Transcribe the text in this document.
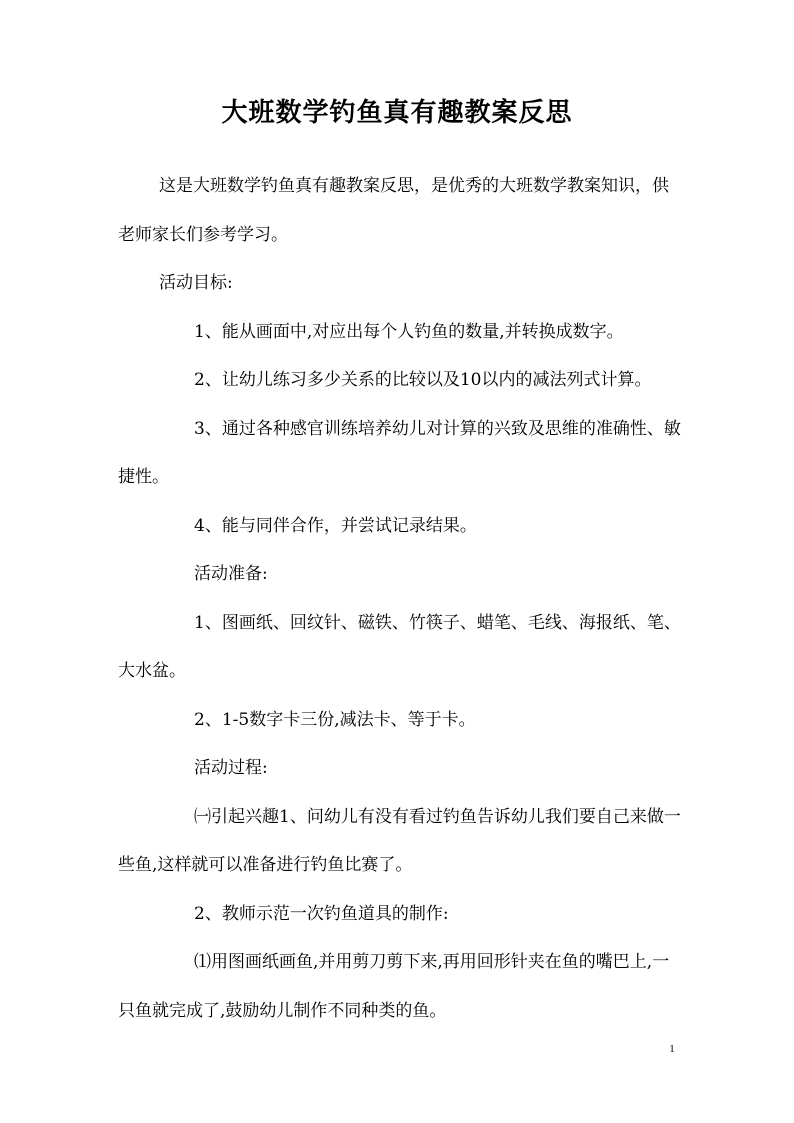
大班数学钓鱼真有趣教案反思

这是大班数学钓鱼真有趣教案反思，是优秀的大班数学教案知识，供老师家长们参考学习。

活动目标:

1、能从画面中,对应出每个人钓鱼的数量,并转换成数字。

2、让幼儿练习多少关系的比较以及10以内的减法列式计算。

3、通过各种感官训练培养幼儿对计算的兴致及思维的准确性、敏捷性。

4、能与同伴合作，并尝试记录结果。

活动准备:

1、图画纸、回纹针、磁铁、竹筷子、蜡笔、毛线、海报纸、笔、大水盆。

2、1-5数字卡三份,减法卡、等于卡。

活动过程:

㈠引起兴趣1、问幼儿有没有看过钓鱼告诉幼儿我们要自己来做一些鱼,这样就可以准备进行钓鱼比赛了。

2、教师示范一次钓鱼道具的制作:

⑴用图画纸画鱼,并用剪刀剪下来,再用回形针夹在鱼的嘴巴上,一只鱼就完成了,鼓励幼儿制作不同种类的鱼。

1
